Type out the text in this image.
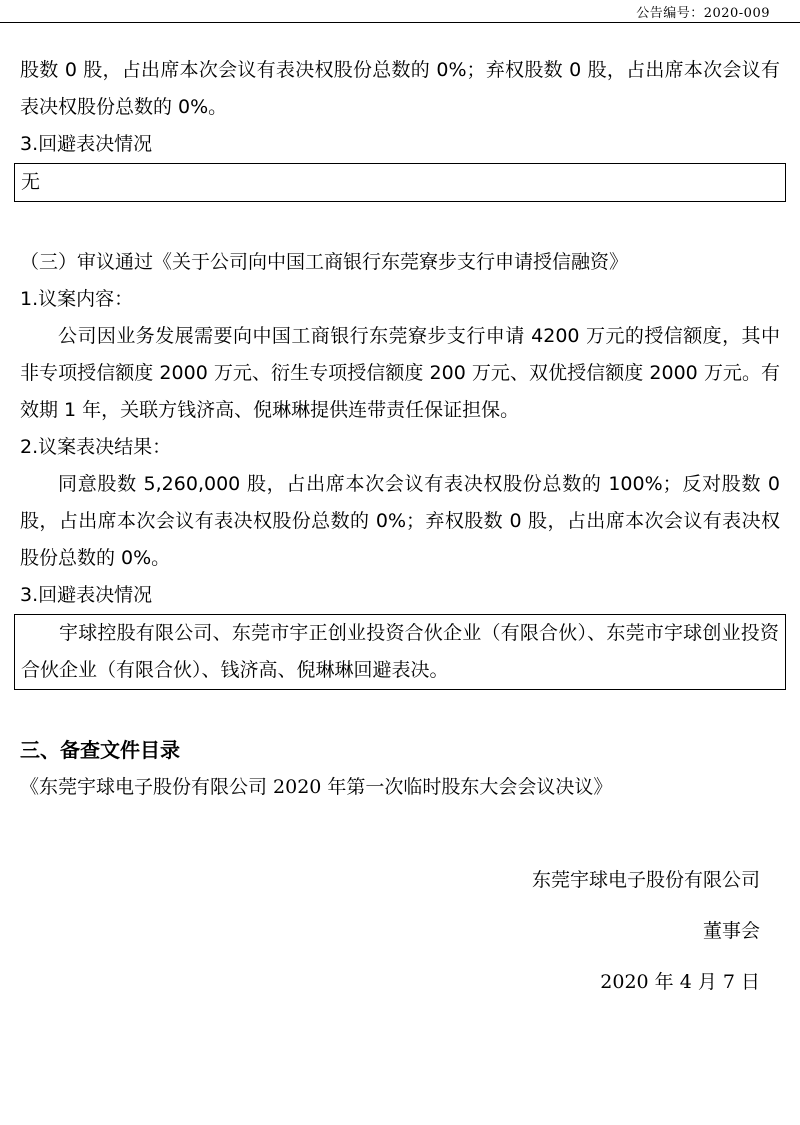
公告编号：2020-009

股数 0 股，占出席本次会议有表决权股份总数的 0%；弃权股数 0 股，占出席本次会议有表决权股份总数的 0%。

3.回避表决情况

无

（三）审议通过《关于公司向中国工商银行东莞寮步支行申请授信融资》

1.议案内容：

公司因业务发展需要向中国工商银行东莞寮步支行申请 4200 万元的授信额度，其中非专项授信额度 2000 万元、衍生专项授信额度 200 万元、双优授信额度 2000 万元。有效期 1 年，关联方钱济高、倪琳琳提供连带责任保证担保。

2.议案表决结果：

同意股数 5,260,000 股，占出席本次会议有表决权股份总数的 100%；反对股数 0 股，占出席本次会议有表决权股份总数的 0%；弃权股数 0 股，占出席本次会议有表决权股份总数的 0%。

3.回避表决情况

宇球控股有限公司、东莞市宇正创业投资合伙企业（有限合伙）、东莞市宇球创业投资合伙企业（有限合伙）、钱济高、倪琳琳回避表决。

三、备查文件目录

《东莞宇球电子股份有限公司 2020 年第一次临时股东大会会议决议》

东莞宇球电子股份有限公司

董事会

2020 年 4 月 7 日
